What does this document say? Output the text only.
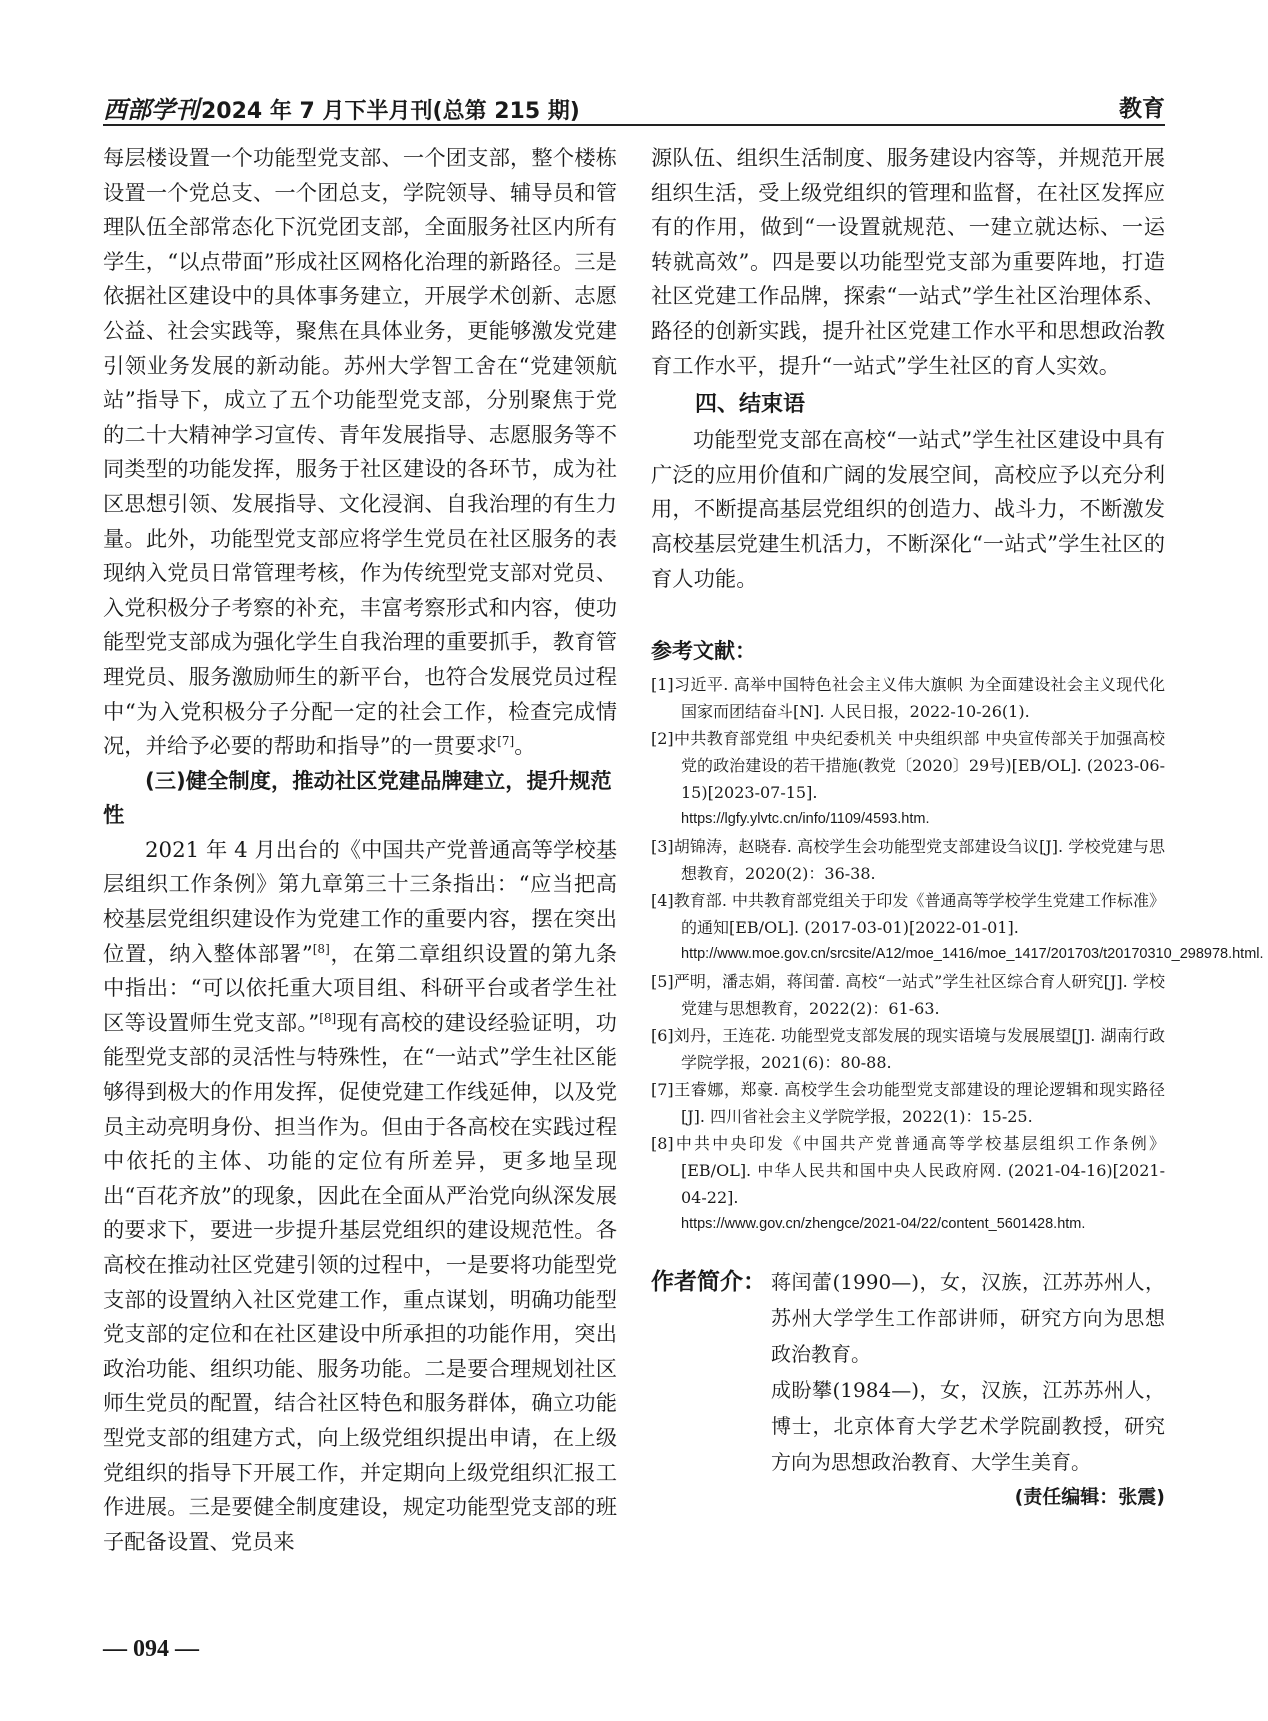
西部学刊2024 年 7 月下半月刊(总第 215 期)	教育

每层楼设置一个功能型党支部、一个团支部，整个楼栋设置一个党总支、一个团总支，学院领导、辅导员和管理队伍全部常态化下沉党团支部，全面服务社区内所有学生，“以点带面”形成社区网格化治理的新路径。三是依据社区建设中的具体事务建立，开展学术创新、志愿公益、社会实践等，聚焦在具体业务，更能够激发党建引领业务发展的新动能。苏州大学智工舍在“党建领航站”指导下，成立了五个功能型党支部，分别聚焦于党的二十大精神学习宣传、青年发展指导、志愿服务等不同类型的功能发挥，服务于社区建设的各环节，成为社区思想引领、发展指导、文化浸润、自我治理的有生力量。此外，功能型党支部应将学生党员在社区服务的表现纳入党员日常管理考核，作为传统型党支部对党员、入党积极分子考察的补充，丰富考察形式和内容，使功能型党支部成为强化学生自我治理的重要抓手，教育管理党员、服务激励师生的新平台，也符合发展党员过程中“为入党积极分子分配一定的社会工作，检查完成情况，并给予必要的帮助和指导”的一贯要求[7]。

(三)健全制度，推动社区党建品牌建立，提升规范性

2021 年 4 月出台的《中国共产党普通高等学校基层组织工作条例》第九章第三十三条指出：“应当把高校基层党组织建设作为党建工作的重要内容，摆在突出位置，纳入整体部署”[8]，在第二章组织设置的第九条中指出：“可以依托重大项目组、科研平台或者学生社区等设置师生党支部。”[8]现有高校的建设经验证明，功能型党支部的灵活性与特殊性，在“一站式”学生社区能够得到极大的作用发挥，促使党建工作线延伸，以及党员主动亮明身份、担当作为。但由于各高校在实践过程中依托的主体、功能的定位有所差异，更多地呈现出“百花齐放”的现象，因此在全面从严治党向纵深发展的要求下，要进一步提升基层党组织的建设规范性。各高校在推动社区党建引领的过程中，一是要将功能型党支部的设置纳入社区党建工作，重点谋划，明确功能型党支部的定位和在社区建设中所承担的功能作用，突出政治功能、组织功能、服务功能。二是要合理规划社区师生党员的配置，结合社区特色和服务群体，确立功能型党支部的组建方式，向上级党组织提出申请，在上级党组织的指导下开展工作，并定期向上级党组织汇报工作进展。三是要健全制度建设，规定功能型党支部的班子配备设置、党员来

源队伍、组织生活制度、服务建设内容等，并规范开展组织生活，受上级党组织的管理和监督，在社区发挥应有的作用，做到“一设置就规范、一建立就达标、一运转就高效”。四是要以功能型党支部为重要阵地，打造社区党建工作品牌，探索“一站式”学生社区治理体系、路径的创新实践，提升社区党建工作水平和思想政治教育工作水平，提升“一站式”学生社区的育人实效。

四、结束语

功能型党支部在高校“一站式”学生社区建设中具有广泛的应用价值和广阔的发展空间，高校应予以充分利用，不断提高基层党组织的创造力、战斗力，不断激发高校基层党建生机活力，不断深化“一站式”学生社区的育人功能。

参考文献：

[1]习近平. 高举中国特色社会主义伟大旗帜 为全面建设社会主义现代化国家而团结奋斗[N]. 人民日报，2022-10-26(1).

[2]中共教育部党组 中央纪委机关 中央组织部 中央宣传部关于加强高校党的政治建设的若干措施(教党〔2020〕29号)[EB/OL]. (2023-06-15)[2023-07-15].
https://lgfy.ylvtc.cn/info/1109/4593.htm.

[3]胡锦涛，赵晓春. 高校学生会功能型党支部建设刍议[J]. 学校党建与思想教育，2020(2)：36-38.

[4]教育部. 中共教育部党组关于印发《普通高等学校学生党建工作标准》的通知[EB/OL]. (2017-03-01)[2022-01-01].
http://www.moe.gov.cn/srcsite/A12/moe_1416/moe_1417/201703/t20170310_298978.html.

[5]严明，潘志娟，蒋闰蕾. 高校“一站式”学生社区综合育人研究[J]. 学校党建与思想教育，2022(2)：61-63.

[6]刘丹，王连花. 功能型党支部发展的现实语境与发展展望[J]. 湖南行政学院学报，2021(6)：80-88.

[7]王睿娜，郑豪. 高校学生会功能型党支部建设的理论逻辑和现实路径[J]. 四川省社会主义学院学报，2022(1)：15-25.

[8]中共中央印发《中国共产党普通高等学校基层组织工作条例》[EB/OL]. 中华人民共和国中央人民政府网. (2021-04-16)[2021-04-22].
https://www.gov.cn/zhengce/2021-04/22/content_5601428.htm.

作者简介： 蒋闰蕾(1990—)，女，汉族，江苏苏州人，苏州大学学生工作部讲师，研究方向为思想政治教育。

成盼攀(1984—)，女，汉族，江苏苏州人，博士，北京体育大学艺术学院副教授，研究方向为思想政治教育、大学生美育。

(责任编辑：张震)
— 094 —
